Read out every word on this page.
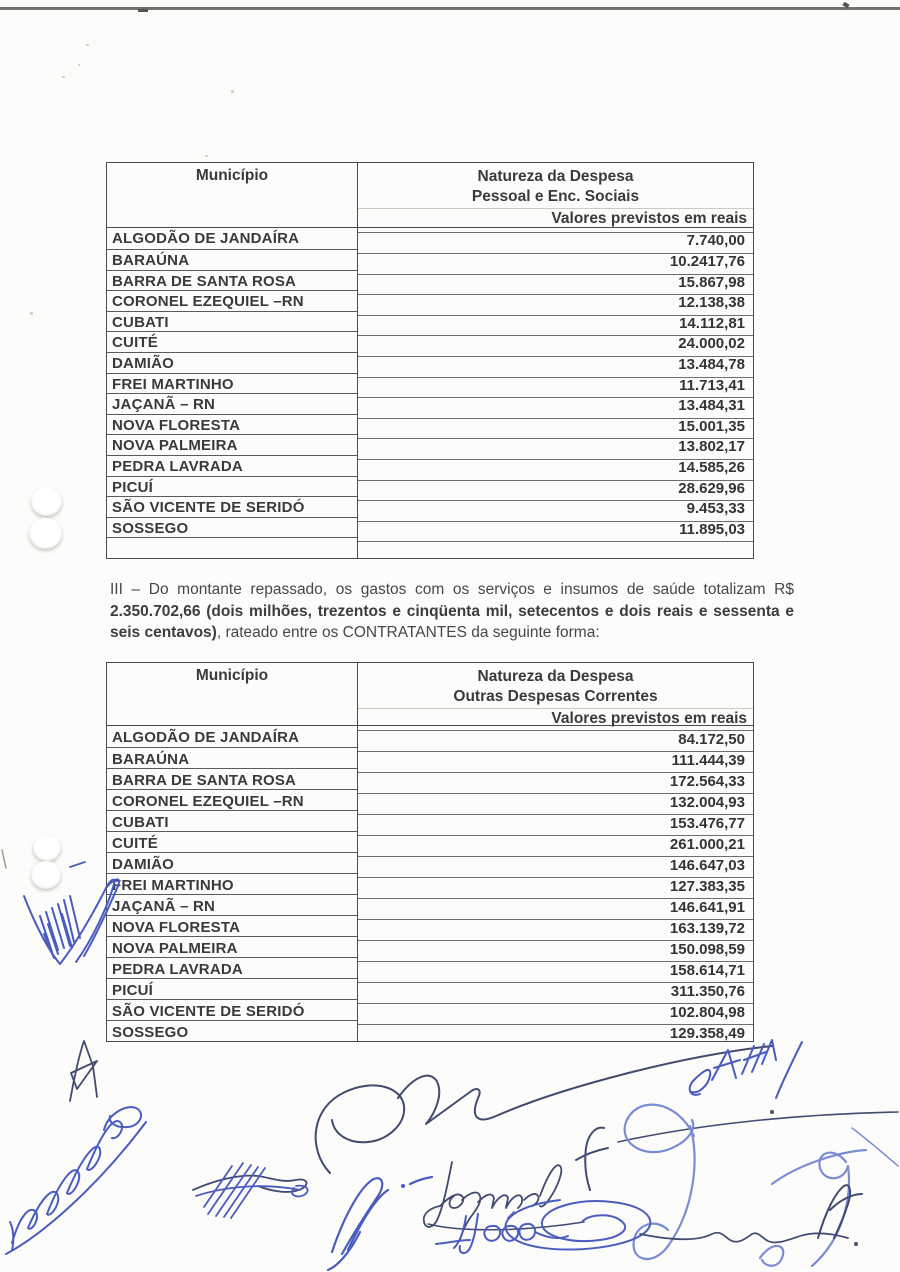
Município	Natureza da Despesa
Pessoal e Enc. Sociais
Valores previstos em reais
ALGODÃO DE JANDAÍRA	7.740,00
BARAÚNA	10.2417,76
BARRA DE SANTA ROSA	15.867,98
CORONEL EZEQUIEL –RN	12.138,38
CUBATI	14.112,81
CUITÉ	24.000,02
DAMIÃO	13.484,78
FREI MARTINHO	11.713,41
JAÇANÃ – RN	13.484,31
NOVA FLORESTA	15.001,35
NOVA PALMEIRA	13.802,17
PEDRA LAVRADA	14.585,26
PICUÍ	28.629,96
SÃO VICENTE DE SERIDÓ	9.453,33
SOSSEGO	11.895,03

III – Do montante repassado, os gastos com os serviços e insumos de saúde totalizam R$ 2.350.702,66 (dois milhões, trezentos e cinqüenta mil, setecentos e dois reais e sessenta e seis centavos), rateado entre os CONTRATANTES da seguinte forma:

Município	Natureza da Despesa
Outras Despesas Correntes
Valores previstos em reais
ALGODÃO DE JANDAÍRA	84.172,50
BARAÚNA	111.444,39
BARRA DE SANTA ROSA	172.564,33
CORONEL EZEQUIEL –RN	132.004,93
CUBATI	153.476,77
CUITÉ	261.000,21
DAMIÃO	146.647,03
FREI MARTINHO	127.383,35
JAÇANÃ – RN	146.641,91
NOVA FLORESTA	163.139,72
NOVA PALMEIRA	150.098,59
PEDRA LAVRADA	158.614,71
PICUÍ	311.350,76
SÃO VICENTE DE SERIDÓ	102.804,98
SOSSEGO	129.358,49
